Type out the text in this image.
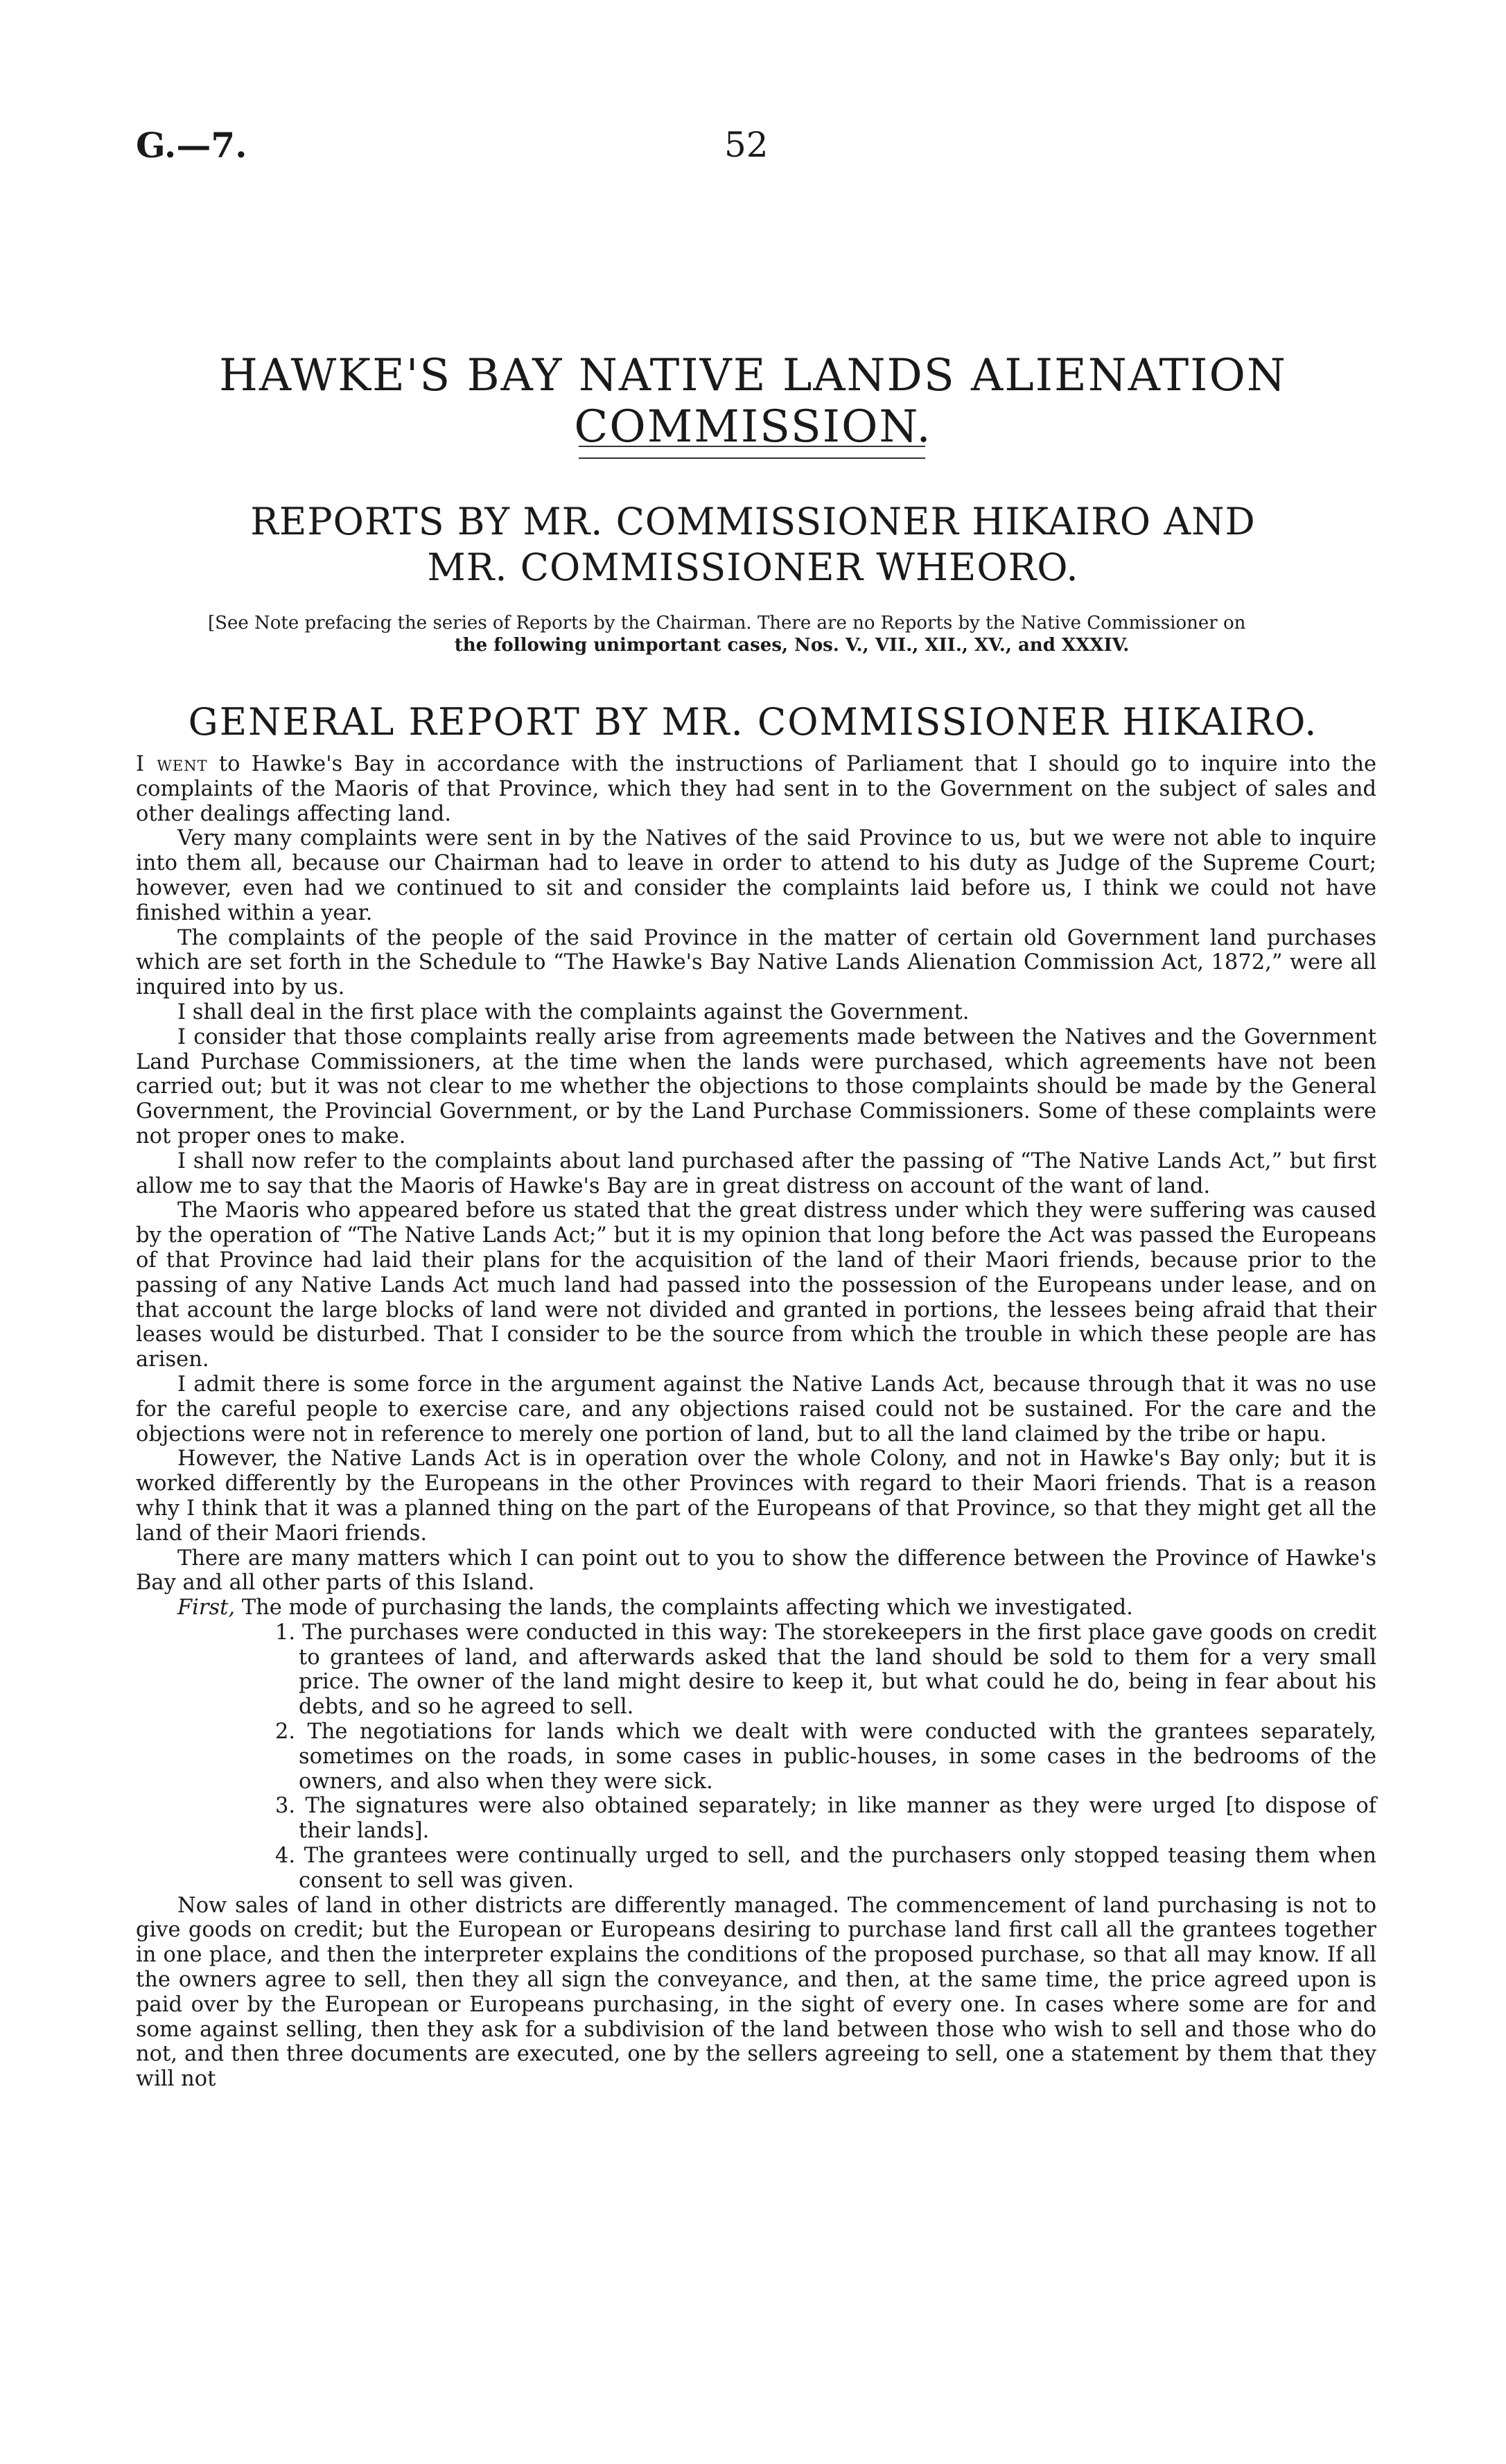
G.—7.	52
HAWKE'S BAY NATIVE LANDS ALIENATION COMMISSION.
REPORTS BY MR. COMMISSIONER HIKAIRO AND
MR. COMMISSIONER WHEORO.
[See Note prefacing the series of Reports by the Chairman. There are no Reports by the Native Commissioner on
the following unimportant cases, Nos. V., VII., XII., XV., and XXXIV.
GENERAL REPORT BY MR. COMMISSIONER HIKAIRO.

I went to Hawke's Bay in accordance with the instructions of Parliament that I should go to inquire into the complaints of the Maoris of that Province, which they had sent in to the Government on the subject of sales and other dealings affecting land.

Very many complaints were sent in by the Natives of the said Province to us, but we were not able to inquire into them all, because our Chairman had to leave in order to attend to his duty as Judge of the Supreme Court; however, even had we continued to sit and consider the complaints laid before us, I think we could not have finished within a year.

The complaints of the people of the said Province in the matter of certain old Government land purchases which are set forth in the Schedule to “The Hawke's Bay Native Lands Alienation Commission Act, 1872,” were all inquired into by us.

I shall deal in the first place with the complaints against the Government.

I consider that those complaints really arise from agreements made between the Natives and the Government Land Purchase Commissioners, at the time when the lands were purchased, which agreements have not been carried out; but it was not clear to me whether the objections to those complaints should be made by the General Government, the Provincial Government, or by the Land Purchase Commissioners. Some of these complaints were not proper ones to make.

I shall now refer to the complaints about land purchased after the passing of “The Native Lands Act,” but first allow me to say that the Maoris of Hawke's Bay are in great distress on account of the want of land.

The Maoris who appeared before us stated that the great distress under which they were suffering was caused by the operation of “The Native Lands Act;” but it is my opinion that long before the Act was passed the Europeans of that Province had laid their plans for the acquisition of the land of their Maori friends, because prior to the passing of any Native Lands Act much land had passed into the possession of the Europeans under lease, and on that account the large blocks of land were not divided and granted in portions, the lessees being afraid that their leases would be disturbed. That I consider to be the source from which the trouble in which these people are has arisen.

I admit there is some force in the argument against the Native Lands Act, because through that it was no use for the careful people to exercise care, and any objections raised could not be sustained. For the care and the objections were not in reference to merely one portion of land, but to all the land claimed by the tribe or hapu.

However, the Native Lands Act is in operation over the whole Colony, and not in Hawke's Bay only; but it is worked differently by the Europeans in the other Provinces with regard to their Maori friends. That is a reason why I think that it was a planned thing on the part of the Europeans of that Province, so that they might get all the land of their Maori friends.

There are many matters which I can point out to you to show the difference between the Province of Hawke's Bay and all other parts of this Island.

First, The mode of purchasing the lands, the complaints affecting which we investigated.

1. The purchases were conducted in this way: The storekeepers in the first place gave goods on credit to grantees of land, and afterwards asked that the land should be sold to them for a very small price. The owner of the land might desire to keep it, but what could he do, being in fear about his debts, and so he agreed to sell.

2. The negotiations for lands which we dealt with were conducted with the grantees separately, sometimes on the roads, in some cases in public-houses, in some cases in the bedrooms of the owners, and also when they were sick.

3. The signatures were also obtained separately; in like manner as they were urged [to dispose of their lands].

4. The grantees were continually urged to sell, and the purchasers only stopped teasing them when consent to sell was given.

Now sales of land in other districts are differently managed. The commencement of land purchasing is not to give goods on credit; but the European or Europeans desiring to purchase land first call all the grantees together in one place, and then the interpreter explains the conditions of the proposed purchase, so that all may know. If all the owners agree to sell, then they all sign the conveyance, and then, at the same time, the price agreed upon is paid over by the European or Europeans purchasing, in the sight of every one. In cases where some are for and some against selling, then they ask for a subdivision of the land between those who wish to sell and those who do not, and then three documents are executed, one by the sellers agreeing to sell, one a statement by them that they will not
